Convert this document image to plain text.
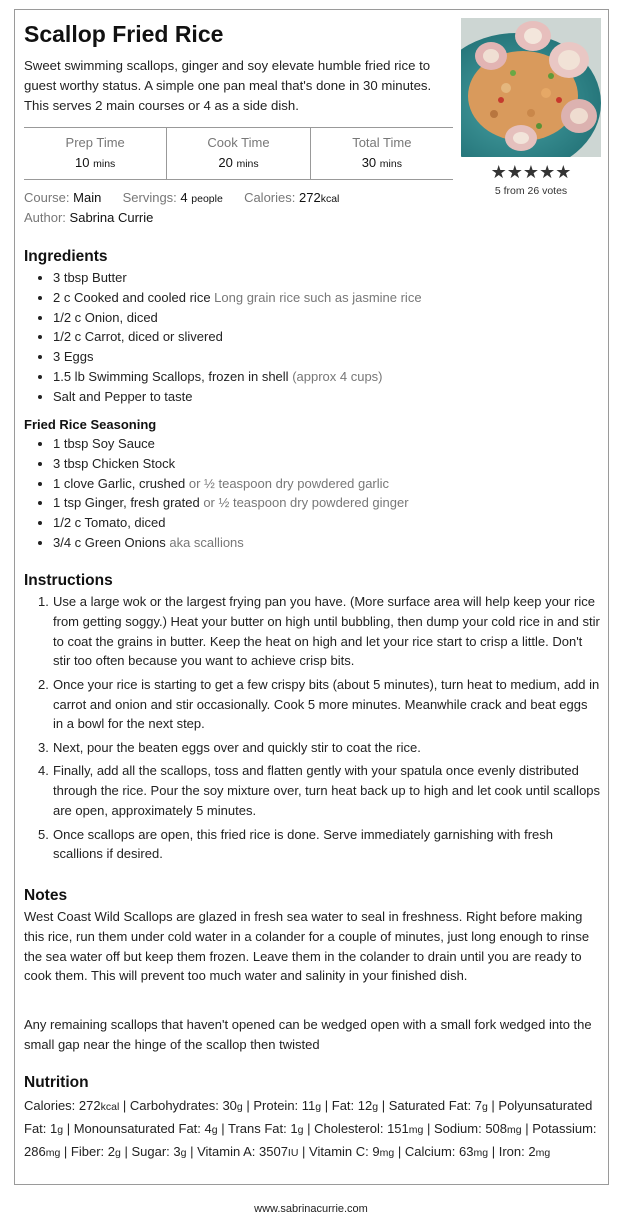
Scallop Fried Rice
Sweet swimming scallops, ginger and soy elevate humble fried rice to guest worthy status. A simple one pan meal that's done in 30 minutes. This serves 2 main courses or 4 as a side dish.
★★★★★
5 from 26 votes
Prep Time
10 mins
Cook Time
20 mins
Total Time
30 mins
Course: Main Servings: 4 people Calories: 272kcal
Author: Sabrina Currie
Ingredients
• 3 tbsp Butter
• 2 c Cooked and cooled rice Long grain rice such as jasmine rice
• 1/2 c Onion, diced
• 1/2 c Carrot, diced or slivered
• 3 Eggs
• 1.5 lb Swimming Scallops, frozen in shell (approx 4 cups)
• Salt and Pepper to taste
Fried Rice Seasoning
• 1 tbsp Soy Sauce
• 3 tbsp Chicken Stock
• 1 clove Garlic, crushed or ½ teaspoon dry powdered garlic
• 1 tsp Ginger, fresh grated or ½ teaspoon dry powdered ginger
• 1/2 c Tomato, diced
• 3/4 c Green Onions aka scallions
Instructions
1. Use a large wok or the largest frying pan you have. (More surface area will help keep your rice from getting soggy.) Heat your butter on high until bubbling, then dump your cold rice in and stir to coat the grains in butter. Keep the heat on high and let your rice start to crisp a little. Don't stir too often because you want to achieve crisp bits.
2. Once your rice is starting to get a few crispy bits (about 5 minutes), turn heat to medium, add in carrot and onion and stir occasionally. Cook 5 more minutes. Meanwhile crack and beat eggs in a bowl for the next step.
3. Next, pour the beaten eggs over and quickly stir to coat the rice.
4. Finally, add all the scallops, toss and flatten gently with your spatula once evenly distributed through the rice. Pour the soy mixture over, turn heat back up to high and let cook until scallops are open, approximately 5 minutes.
5. Once scallops are open, this fried rice is done. Serve immediately garnishing with fresh scallions if desired.
Notes
West Coast Wild Scallops are glazed in fresh sea water to seal in freshness. Right before making this rice, run them under cold water in a colander for a couple of minutes, just long enough to rinse the sea water off but keep them frozen. Leave them in the colander to drain until you are ready to cook them. This will prevent too much water and salinity in your finished dish.
Any remaining scallops that haven't opened can be wedged open with a small fork wedged into the small gap near the hinge of the scallop then twisted
Nutrition
Calories: 272kcal | Carbohydrates: 30g | Protein: 11g | Fat: 12g | Saturated Fat: 7g | Polyunsaturated Fat: 1g | Monounsaturated Fat: 4g | Trans Fat: 1g | Cholesterol: 151mg | Sodium: 508mg | Potassium: 286mg | Fiber: 2g | Sugar: 3g | Vitamin A: 3507IU | Vitamin C: 9mg | Calcium: 63mg | Iron: 2mg
www.sabrinacurrie.com
